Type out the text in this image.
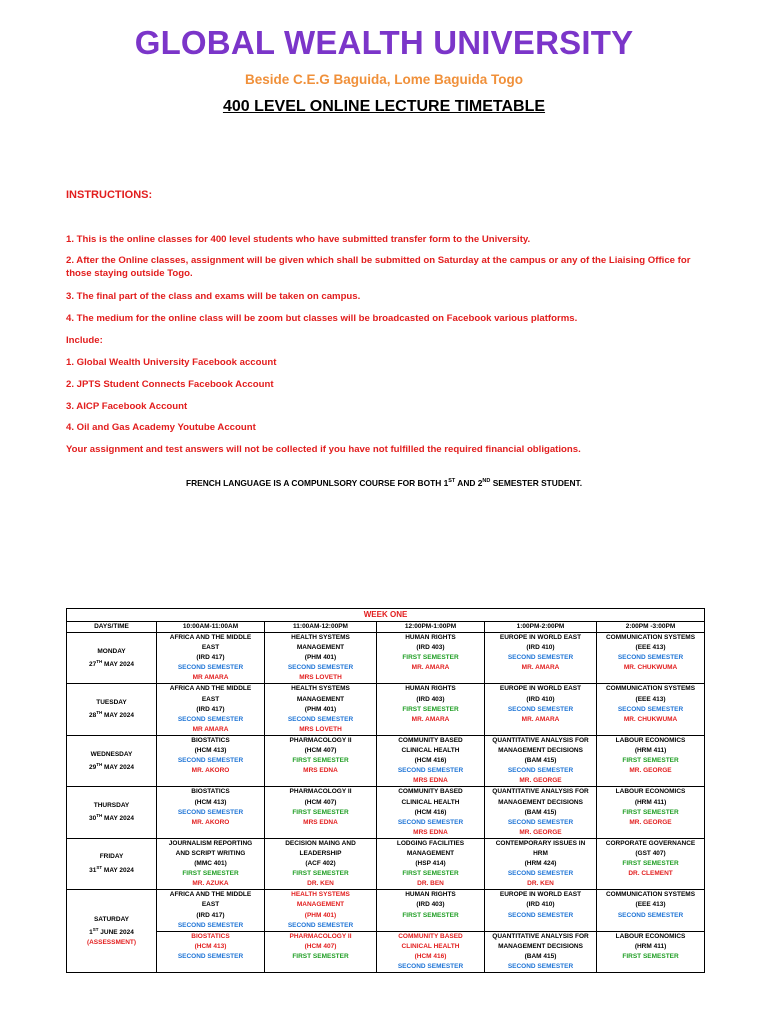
GLOBAL WEALTH UNIVERSITY
Beside C.E.G Baguida, Lome Baguida Togo
400 LEVEL ONLINE LECTURE TIMETABLE
INSTRUCTIONS:
1. This is the online classes for 400 level students who have submitted transfer form to the University.
2. After the Online classes, assignment will be given which shall be submitted on Saturday at the campus or any of the Liaising Office for those staying outside Togo.
3. The final part of the class and exams will be taken on campus.
4. The medium for the online class will be zoom but classes will be broadcasted on Facebook various platforms.
Include:
1. Global Wealth University Facebook account
2. JPTS Student Connects Facebook Account
3. AICP Facebook Account
4. Oil and Gas Academy Youtube Account
Your assignment and test answers will not be collected if you have not fulfilled the required financial obligations.
FRENCH LANGUAGE IS A COMPUNLSORY COURSE FOR BOTH 1ST AND 2ND SEMESTER STUDENT.
WEEK ONE					
DAYS/TIME	10:00AM-11:00AM	11:00AM-12:00PM	12:00PM-1:00PM	1:00PM-2:00PM	2:00PM -3:00PM

MONDAY
27TH MAY 2024	AFRICA AND THE MIDDLE
EAST
(IRD 417)
SECOND SEMESTER
MR AMARA	HEALTH SYSTEMS
MANAGEMENT
(PHM 401)
SECOND SEMESTER
MRS LOVETH	HUMAN RIGHTS
(IRD 403)
FIRST SEMESTER
MR. AMARA	EUROPE IN WORLD EAST
(IRD 410)
SECOND SEMESTER
MR. AMARA	COMMUNICATION SYSTEMS
(EEE 413)
SECOND SEMESTER
MR. CHUKWUMA

TUESDAY
28TH MAY 2024	AFRICA AND THE MIDDLE
EAST
(IRD 417)
SECOND SEMESTER
MR AMARA	HEALTH SYSTEMS
MANAGEMENT
(PHM 401)
SECOND SEMESTER
MRS LOVETH	HUMAN RIGHTS
(IRD 403)
FIRST SEMESTER
MR. AMARA	EUROPE IN WORLD EAST
(IRD 410)
SECOND SEMESTER
MR. AMARA	COMMUNICATION SYSTEMS
(EEE 413)
SECOND SEMESTER
MR. CHUKWUMA

WEDNESDAY
29TH MAY 2024	BIOSTATICS
(HCM 413)
SECOND SEMESTER
MR. AKORO	PHARMACOLOGY II
(HCM 407)
FIRST SEMESTER
MRS EDNA	COMMUNITY BASED
CLINICAL HEALTH
(HCM 416)
SECOND SEMESTER
MRS EDNA	QUANTITATIVE ANALYSIS FOR
MANAGEMENT DECISIONS
(BAM 415)
SECOND SEMESTER
MR. GEORGE	LABOUR ECONOMICS
(HRM 411)
FIRST SEMESTER
MR. GEORGE

THURSDAY
30TH MAY 2024	BIOSTATICS
(HCM 413)
SECOND SEMESTER
MR. AKORO	PHARMACOLOGY II
(HCM 407)
FIRST SEMESTER
MRS EDNA	COMMUNITY BASED
CLINICAL HEALTH
(HCM 416)
SECOND SEMESTER
MRS EDNA	QUANTITATIVE ANALYSIS FOR
MANAGEMENT DECISIONS
(BAM 415)
SECOND SEMESTER
MR. GEORGE	LABOUR ECONOMICS
(HRM 411)
FIRST SEMESTER
MR. GEORGE

FRIDAY
31ST MAY 2024	JOURNALISM REPORTING
AND SCRIPT WRITING
(MMC 401)
FIRST SEMESTER
MR. AZUKA	DECISION MAING AND
LEADERSHIP
(ACF 402)
FIRST SEMESTER
DR. KEN	LODGING FACILITIES
MANAGEMENT
(HSP 414)
FIRST SEMESTER
DR. BEN	CONTEMPORARY ISSUES IN
HRM
(HRM 424)
SECOND SEMESTER
DR. KEN	CORPORATE GOVERNANCE
(GST 407)
FIRST SEMESTER
DR. CLEMENT

SATURDAY
1ST JUNE 2024
(ASSESSMENT)	AFRICA AND THE MIDDLE
EAST
(IRD 417)
SECOND SEMESTER	HEALTH SYSTEMS
MANAGEMENT
(PHM 401)
SECOND SEMESTER	HUMAN RIGHTS
(IRD 403)
FIRST SEMESTER	EUROPE IN WORLD EAST
(IRD 410)
SECOND SEMESTER	COMMUNICATION SYSTEMS
(EEE 413)
SECOND SEMESTER

	BIOSTATICS
(HCM 413)
SECOND SEMESTER	PHARMACOLOGY II
(HCM 407)
FIRST SEMESTER	COMMUNITY BASED
CLINICAL HEALTH
(HCM 416)
SECOND SEMESTER	QUANTITATIVE ANALYSIS FOR
MANAGEMENT DECISIONS
(BAM 415)
SECOND SEMESTER	LABOUR ECONOMICS
(HRM 411)
FIRST SEMESTER
